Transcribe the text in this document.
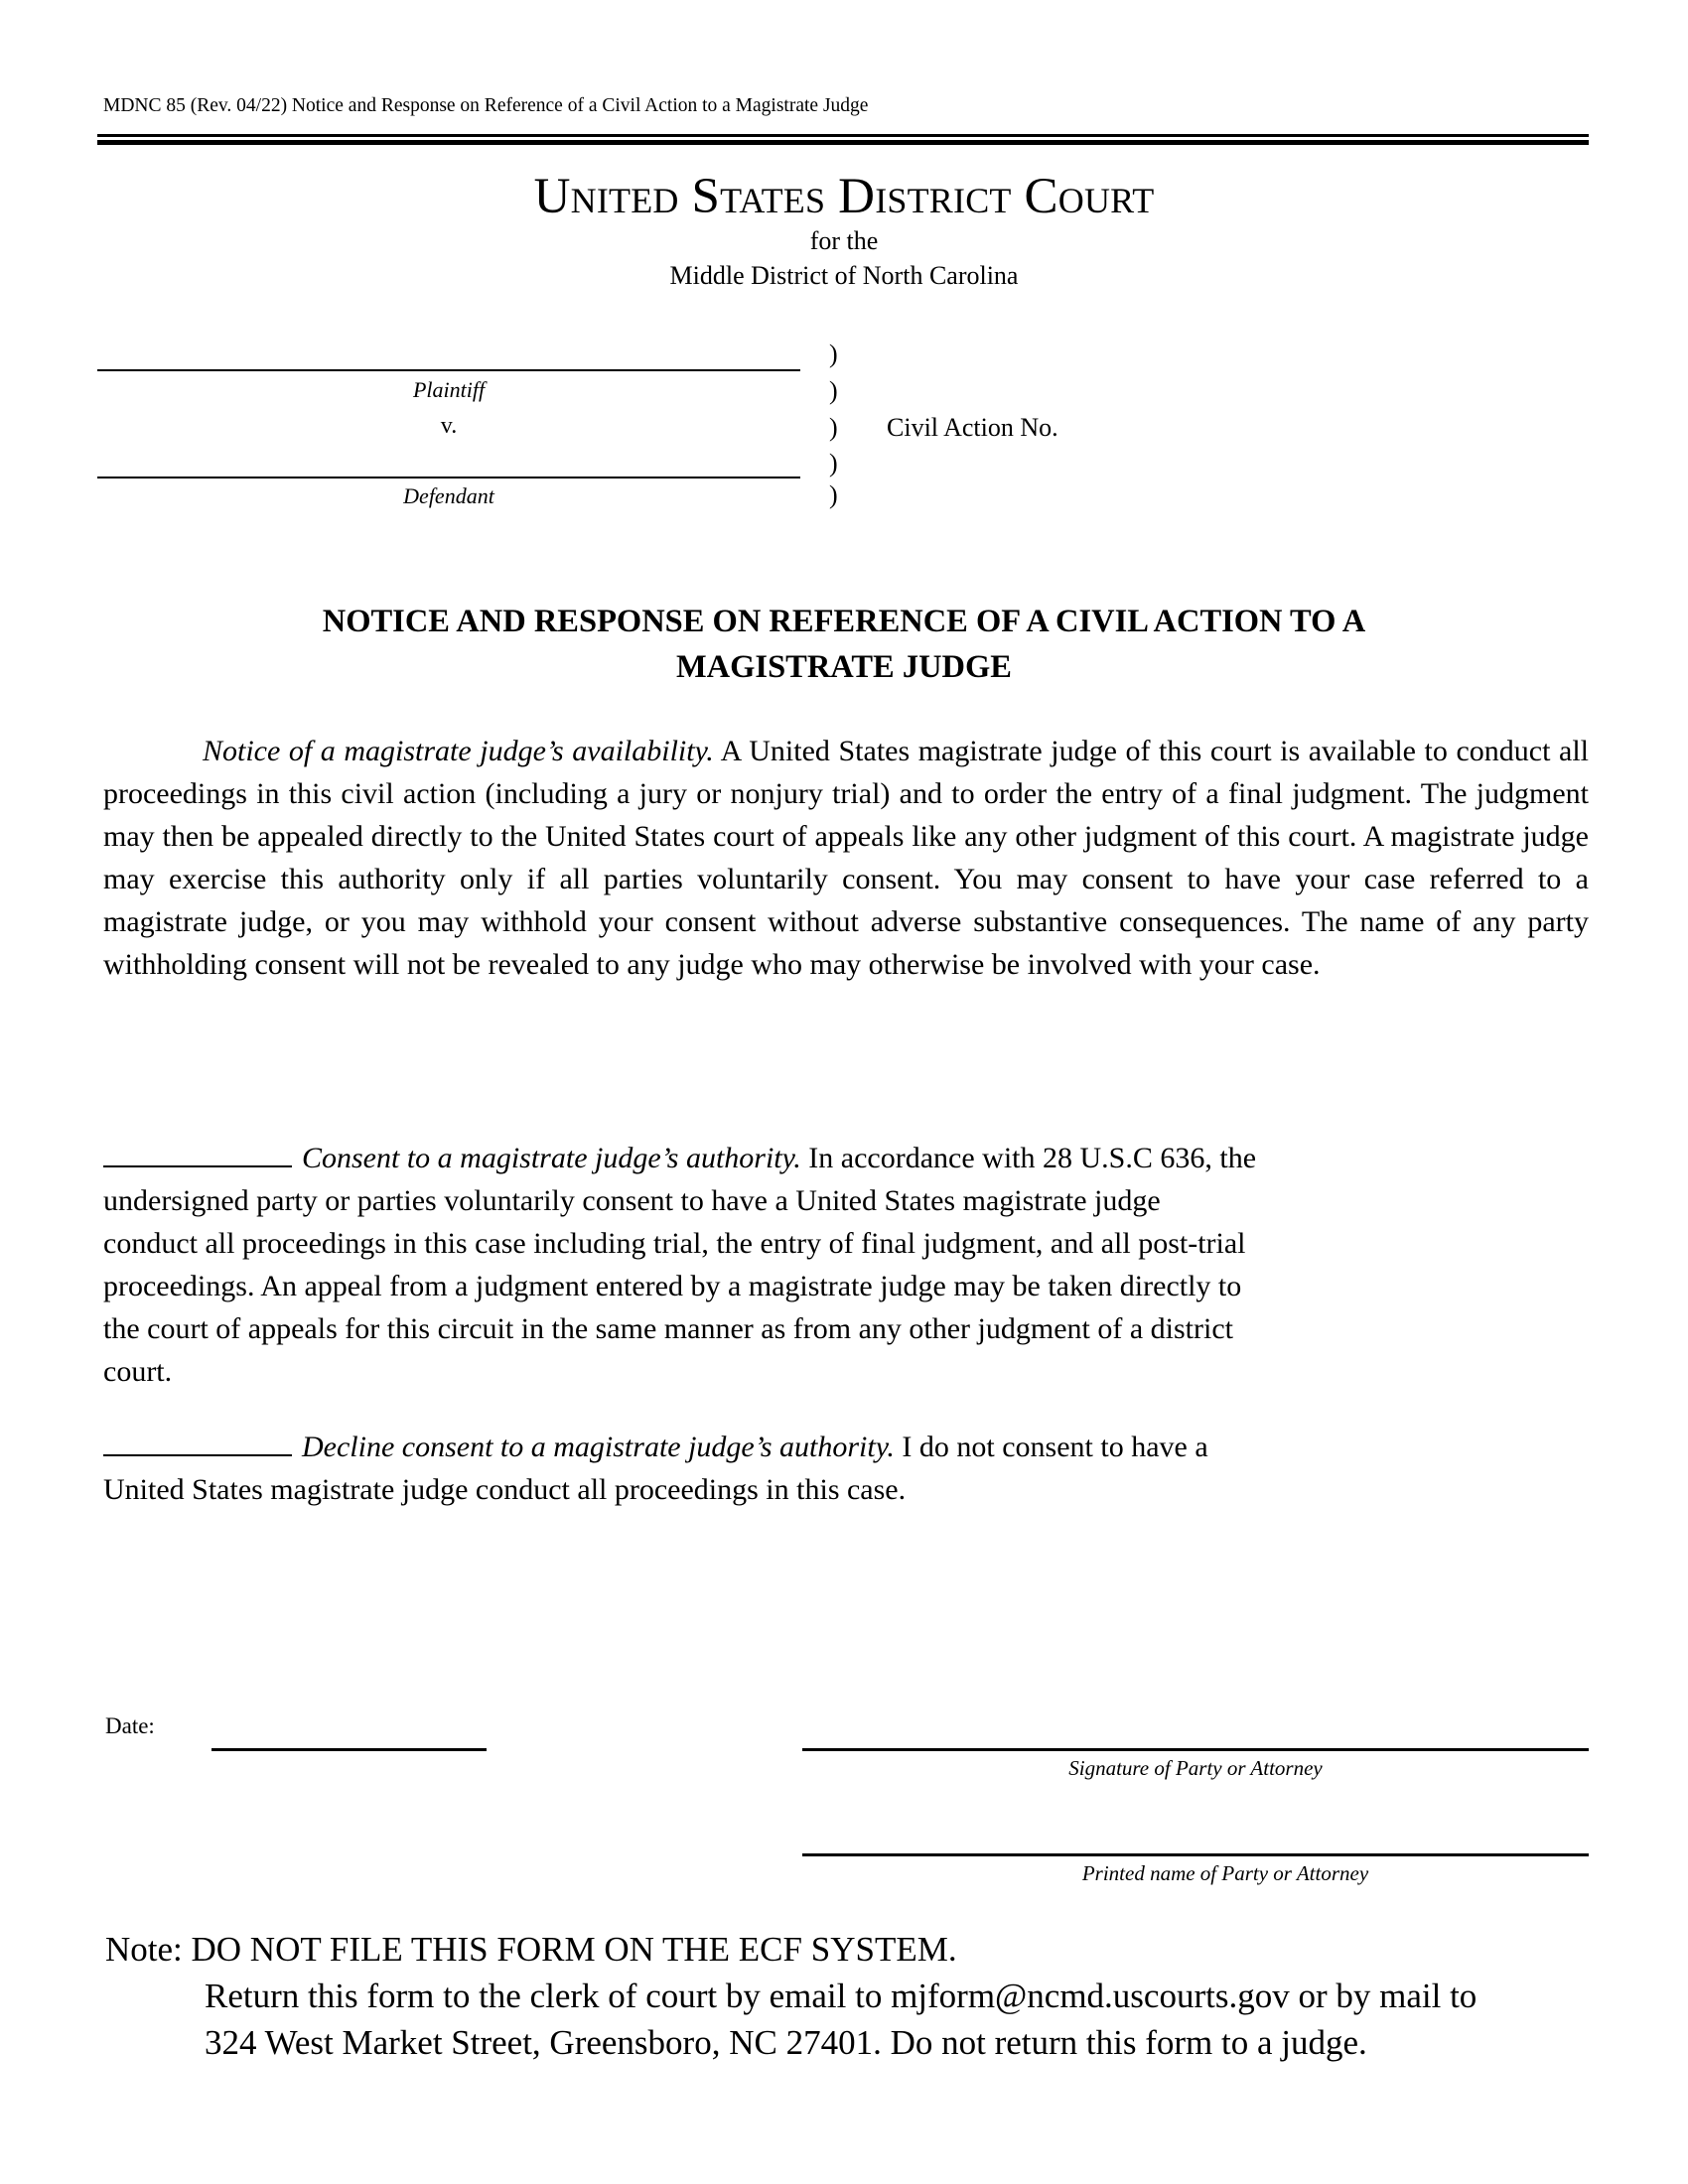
MDNC 85 (Rev. 04/22) Notice and Response on Reference of a Civil Action to a Magistrate Judge
United States District Court
for the
Middle District of North Carolina
Plaintiff
v.
Defendant
)
)
)
)
)
Civil Action No.
NOTICE AND RESPONSE ON REFERENCE OF A CIVIL ACTION TO A
MAGISTRATE JUDGE
Notice of a magistrate judge’s availability. A United States magistrate judge of this court is available to conduct all proceedings in this civil action (including a jury or nonjury trial) and to order the entry of a final judgment. The judgment may then be appealed directly to the United States court of appeals like any other judgment of this court. A magistrate judge may exercise this authority only if all parties voluntarily consent. You may consent to have your case referred to a magistrate judge, or you may withhold your consent without adverse substantive consequences. The name of any party withholding consent will not be revealed to any judge who may otherwise be involved with your case.
Consent to a magistrate judge’s authority. In accordance with 28 U.S.C 636, the
undersigned party or parties voluntarily consent to have a United States magistrate judge
conduct all proceedings in this case including trial, the entry of final judgment, and all post-trial
proceedings. An appeal from a judgment entered by a magistrate judge may be taken directly to
the court of appeals for this circuit in the same manner as from any other judgment of a district
court.
Decline consent to a magistrate judge’s authority. I do not consent to have a
United States magistrate judge conduct all proceedings in this case.
Date:
Signature of Party or Attorney
Printed name of Party or Attorney
Note: DO NOT FILE THIS FORM ON THE ECF SYSTEM.
Return this form to the clerk of court by email to mjform@ncmd.uscourts.gov or by mail to
324 West Market Street, Greensboro, NC 27401. Do not return this form to a judge.
